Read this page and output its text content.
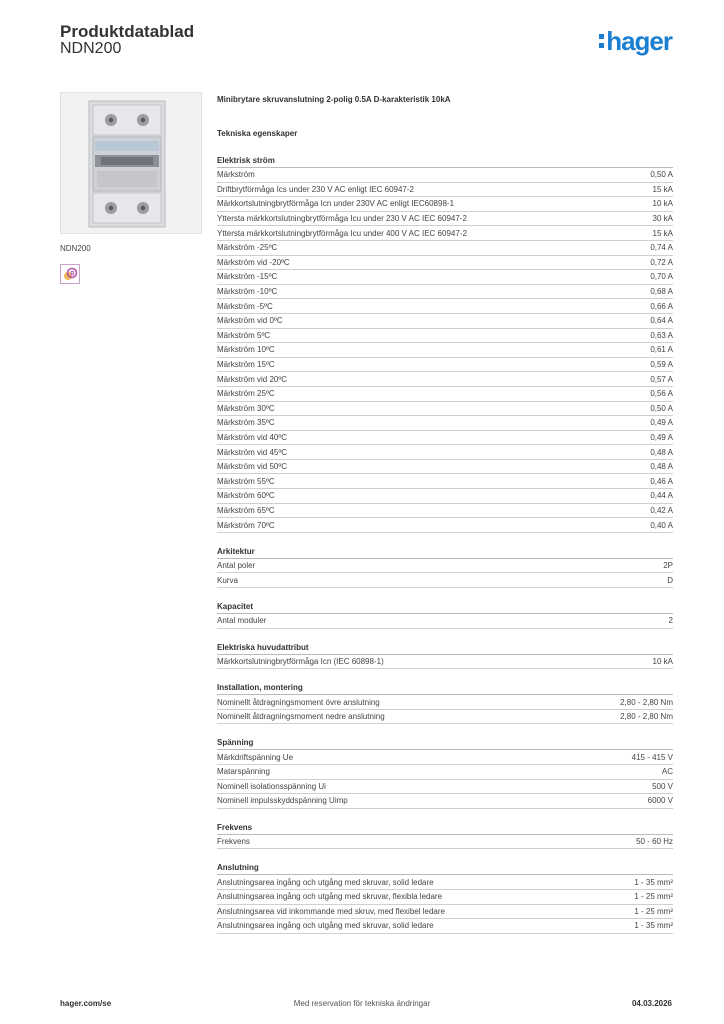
Produktdatablad
NDN200	hager
NDN200
B
Minibrytare skruvanslutning 2-polig 0.5A D-karakteristik 10kA
Tekniska egenskaper
Elektrisk ström
Märkström	0,50 A
Driftbrytförmåga Ics under 230 V AC enligt IEC 60947-2	15 kA
Märkkortslutningbrytförmåga Icn under 230V AC enligt IEC60898-1	10 kA
Yttersta märkkortslutningbrytförmåga Icu under 230 V AC IEC 60947-2	30 kA
Yttersta märkkortslutningbrytförmåga Icu under 400 V AC IEC 60947-2	15 kA
Märkström -25ºC	0,74 A
Märkström vid -20ºC	0,72 A
Märkström -15ºC	0,70 A
Märkström -10ºC	0,68 A
Märkström -5ºC	0,66 A
Märkström vid 0ºC	0,64 A
Märkström 5ºC	0,63 A
Märkström 10ºC	0,61 A
Märkström 15ºC	0,59 A
Märkström vid 20ºC	0,57 A
Märkström 25ºC	0,56 A
Märkström 30ºC	0,50 A
Märkström 35ºC	0,49 A
Märkström vid 40ºC	0,49 A
Märkström vid 45ºC	0,48 A
Märkström vid 50ºC	0,48 A
Märkström 55ºC	0,46 A
Märkström 60ºC	0,44 A
Märkström 65ºC	0,42 A
Märkström 70ºC	0,40 A
Arkitektur
Antal poler	2P
Kurva	D
Kapacitet
Antal moduler	2
Elektriska huvudattribut
Märkkortslutningbrytförmåga Icn (IEC 60898-1)	10 kA
Installation, montering
Nominellt åtdragningsmoment övre anslutning	2,80 - 2,80 Nm
Nominellt åtdragningsmoment nedre anslutning	2,80 - 2,80 Nm
Spänning
Märkdriftspänning Ue	415 - 415 V
Matarspänning	AC
Nominell isolationsspänning Ui	500 V
Nominell impulsskyddspänning Uimp	6000 V
Frekvens
Frekvens	50 - 60 Hz
Anslutning
Anslutningsarea ingång och utgång med skruvar, solid ledare	1 - 35 mm²
Anslutningsarea ingång och utgång med skruvar, flexibla ledare	1 - 25 mm²
Anslutningsarea vid inkommande med skruv, med flexibel ledare	1 - 25 mm²
Anslutningsarea ingång och utgång med skruvar, solid ledare	1 - 35 mm²
hager.com/se	Med reservation för tekniska ändringar	04.03.2026
